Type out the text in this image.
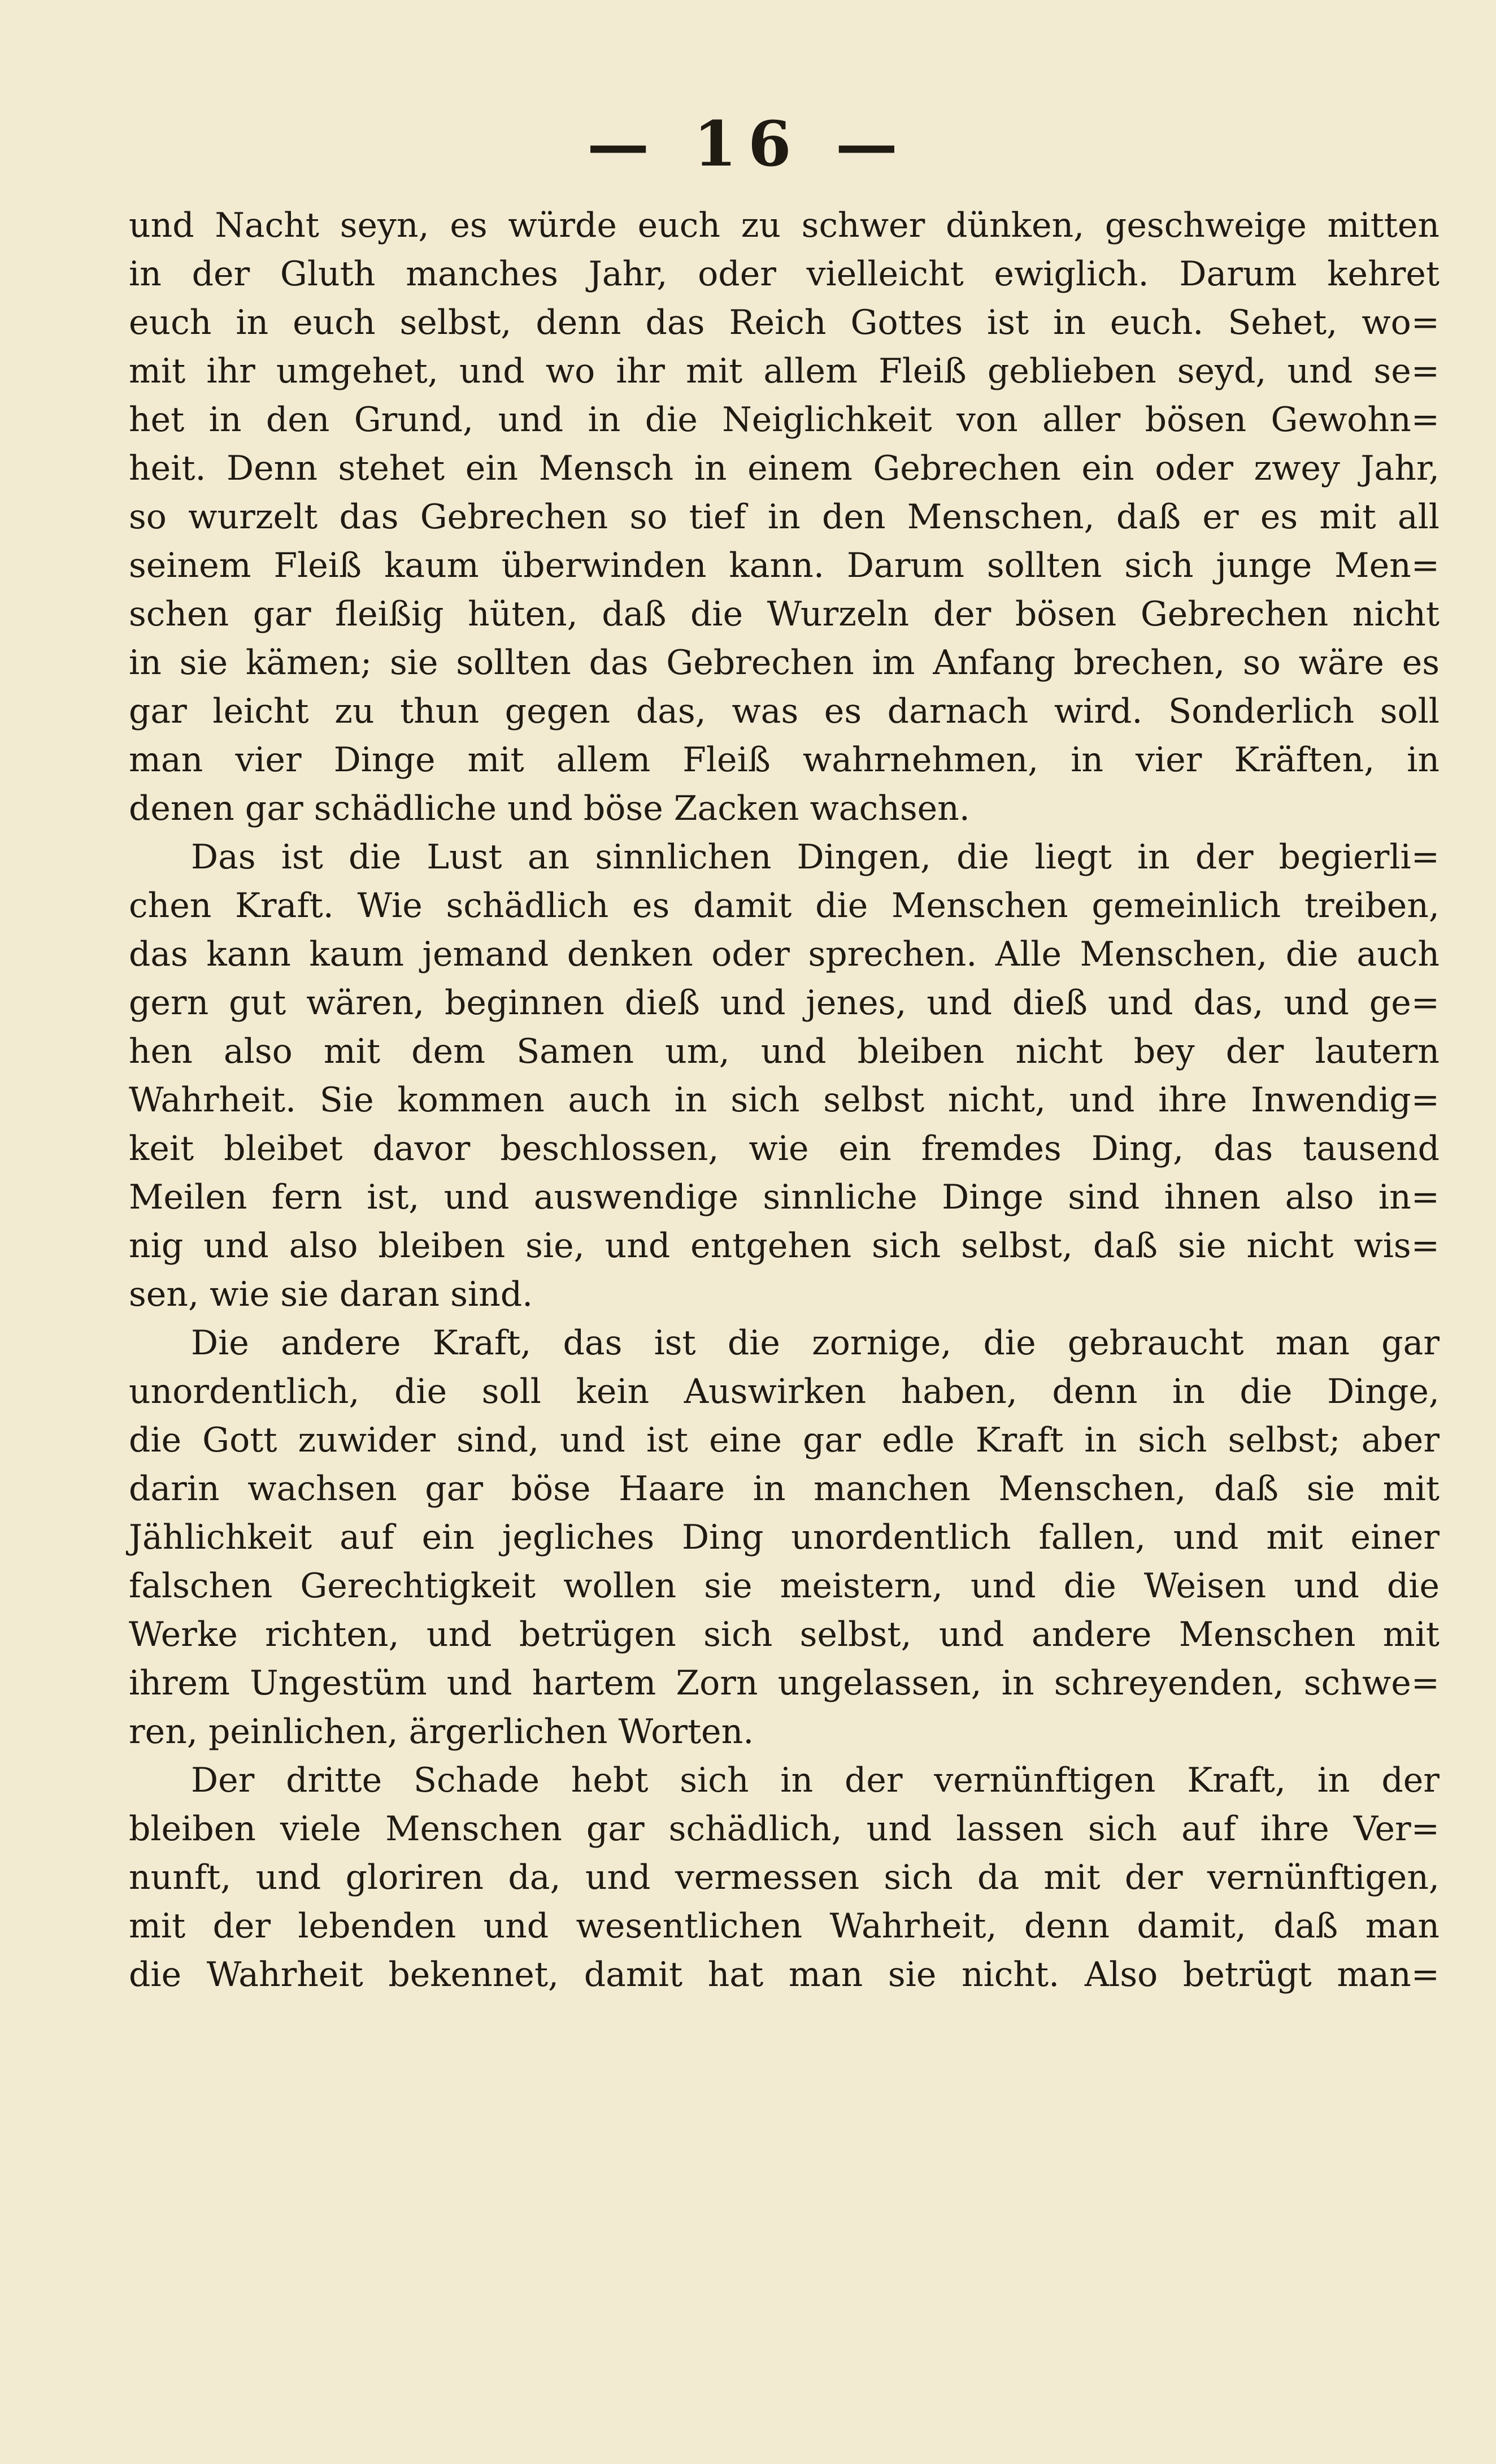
— 16 —
und Nacht seyn, es würde euch zu schwer dünken, geschweige mitten
in der Gluth manches Jahr, oder vielleicht ewiglich. Darum kehret
euch in euch selbst, denn das Reich Gottes ist in euch. Sehet, wo=
mit ihr umgehet, und wo ihr mit allem Fleiß geblieben seyd, und se=
het in den Grund, und in die Neiglichkeit von aller bösen Gewohn=
heit. Denn stehet ein Mensch in einem Gebrechen ein oder zwey Jahr,
so wurzelt das Gebrechen so tief in den Menschen, daß er es mit all
seinem Fleiß kaum überwinden kann. Darum sollten sich junge Men=
schen gar fleißig hüten, daß die Wurzeln der bösen Gebrechen nicht
in sie kämen; sie sollten das Gebrechen im Anfang brechen, so wäre es
gar leicht zu thun gegen das, was es darnach wird. Sonderlich soll
man vier Dinge mit allem Fleiß wahrnehmen, in vier Kräften, in
denen gar schädliche und böse Zacken wachsen.
Das ist die Lust an sinnlichen Dingen, die liegt in der begierli=
chen Kraft. Wie schädlich es damit die Menschen gemeinlich treiben,
das kann kaum jemand denken oder sprechen. Alle Menschen, die auch
gern gut wären, beginnen dieß und jenes, und dieß und das, und ge=
hen also mit dem Samen um, und bleiben nicht bey der lautern
Wahrheit. Sie kommen auch in sich selbst nicht, und ihre Inwendig=
keit bleibet davor beschlossen, wie ein fremdes Ding, das tausend
Meilen fern ist, und auswendige sinnliche Dinge sind ihnen also in=
nig und also bleiben sie, und entgehen sich selbst, daß sie nicht wis=
sen, wie sie daran sind.
Die andere Kraft, das ist die zornige, die gebraucht man gar
unordentlich, die soll kein Auswirken haben, denn in die Dinge,
die Gott zuwider sind, und ist eine gar edle Kraft in sich selbst; aber
darin wachsen gar böse Haare in manchen Menschen, daß sie mit
Jählichkeit auf ein jegliches Ding unordentlich fallen, und mit einer
falschen Gerechtigkeit wollen sie meistern, und die Weisen und die
Werke richten, und betrügen sich selbst, und andere Menschen mit
ihrem Ungestüm und hartem Zorn ungelassen, in schreyenden, schwe=
ren, peinlichen, ärgerlichen Worten.
Der dritte Schade hebt sich in der vernünftigen Kraft, in der
bleiben viele Menschen gar schädlich, und lassen sich auf ihre Ver=
nunft, und gloriren da, und vermessen sich da mit der vernünftigen,
mit der lebenden und wesentlichen Wahrheit, denn damit, daß man
die Wahrheit bekennet, damit hat man sie nicht. Also betrügt man=
